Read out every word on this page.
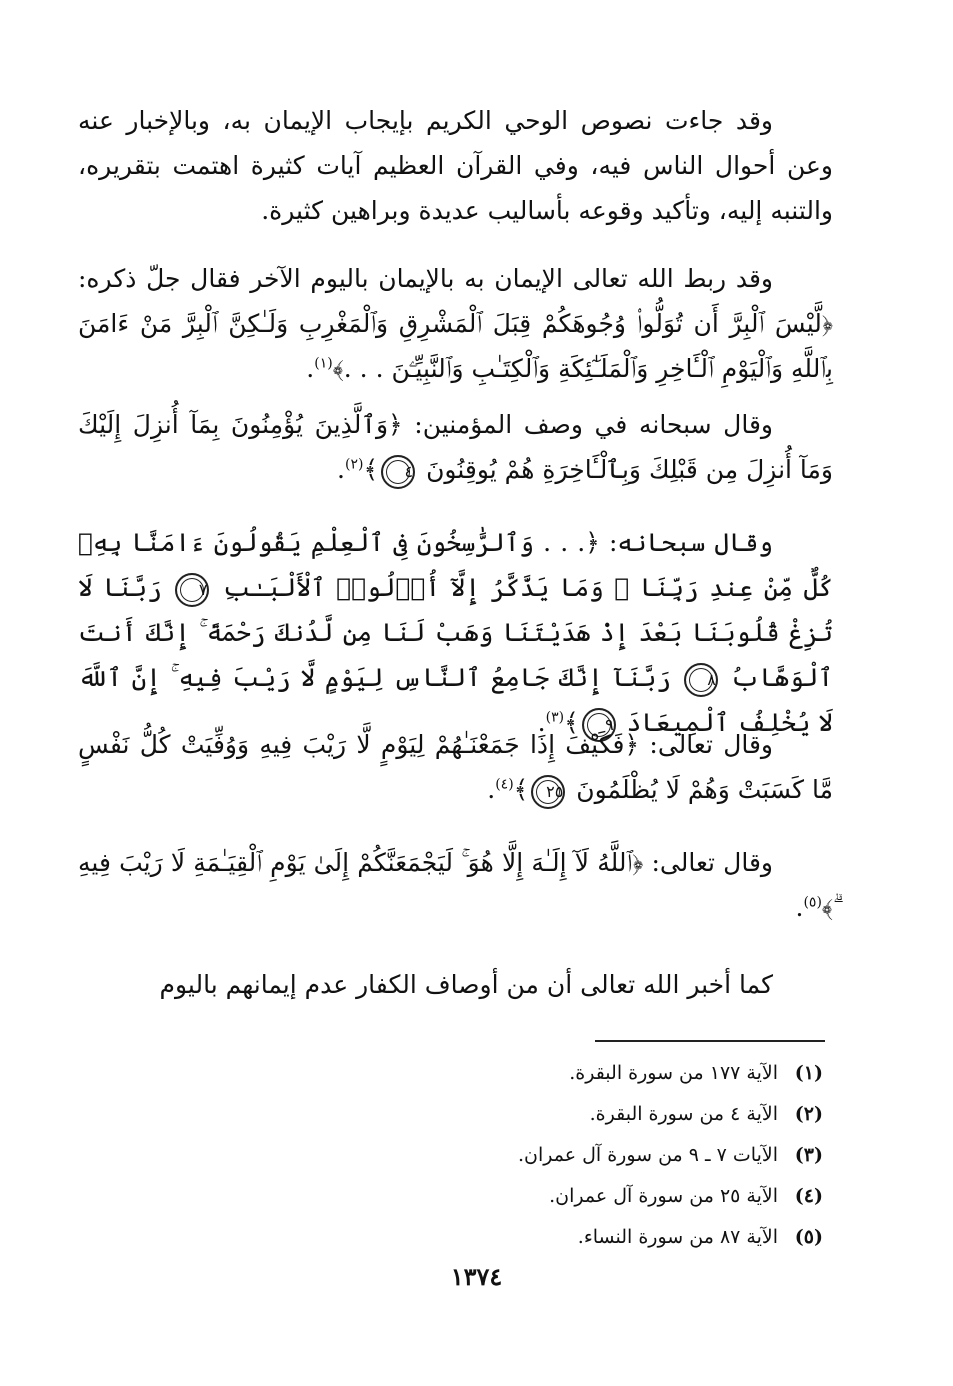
وقد جاءت نصوص الوحي الكريم بإيجاب الإيمان به، وبالإخبار عنه وعن أحوال الناس فيه، وفي القرآن العظيم آيات كثيرة اهتمت بتقريره، والتنبه إليه، وتأكيد وقوعه بأساليب عديدة وبراهين كثيرة.

وقد ربط الله تعالى الإيمان به بالإيمان باليوم الآخر فقال جلّ ذكره: ﴿لَّيْسَ ٱلْبِرَّ أَن تُوَلُّوا۟ وُجُوهَكُمْ قِبَلَ ٱلْمَشْرِقِ وَٱلْمَغْرِبِ وَلَـٰكِنَّ ٱلْبِرَّ مَنْ ءَامَنَ بِٱللَّهِ وَٱلْيَوْمِ ٱلْـَٔاخِرِ وَٱلْمَلَـٰٓئِكَةِ وَٱلْكِتَـٰبِ وَٱلنَّبِيِّـۧنَ . . .﴾$^{(١)}$.

وقال سبحانه في وصف المؤمنين: ﴿وَٱلَّذِينَ يُؤْمِنُونَ بِمَآ أُنزِلَ إِلَيْكَ وَمَآ أُنزِلَ مِن قَبْلِكَ وَبِٱلْـَٔاخِرَةِ هُمْ يُوقِنُونَ ٤﴾$^{(٢)}$.

وقال سبحانه: ﴿. . . وَٱلرَّٰسِخُونَ فِى ٱلْعِلْمِ يَقُولُونَ ءَامَنَّا بِهِۦ كُلٌّ مِّنْ عِندِ رَبِّنَا ۗ وَمَا يَذَّكَّرُ إِلَّآ أُو۟لُوا۟ ٱلْأَلْبَـٰبِ ٧ رَبَّنَا لَا تُزِغْ قُلُوبَنَا بَعْدَ إِذْ هَدَيْتَنَا وَهَبْ لَنَا مِن لَّدُنكَ رَحْمَةً ۚ إِنَّكَ أَنتَ ٱلْوَهَّابُ ٨ رَبَّنَآ إِنَّكَ جَامِعُ ٱلنَّاسِ لِيَوْمٍ لَّا رَيْبَ فِيهِ ۚ إِنَّ ٱللَّهَ لَا يُخْلِفُ ٱلْمِيعَادَ ٩﴾$^{(٣)}$.

وقال تعالى: ﴿فَكَيْفَ إِذَا جَمَعْنَـٰهُمْ لِيَوْمٍ لَّا رَيْبَ فِيهِ وَوُفِّيَتْ كُلُّ نَفْسٍ مَّا كَسَبَتْ وَهُمْ لَا يُظْلَمُونَ ٢٥﴾$^{(٤)}$.

وقال تعالى: ﴿ٱللَّهُ لَآ إِلَـٰهَ إِلَّا هُوَ ۚ لَيَجْمَعَنَّكُمْ إِلَىٰ يَوْمِ ٱلْقِيَـٰمَةِ لَا رَيْبَ فِيهِ ۗ﴾$^{(٥)}$.

كما أخبر الله تعالى أن من أوصاف الكفار عدم إيمانهم باليوم

(١)
الآية ١٧٧ من سورة البقرة.
(٢)
الآية ٤ من سورة البقرة.
(٣)
الآيات ٧ ـ ٩ من سورة آل عمران.
(٤)
الآية ٢٥ من سورة آل عمران.
(٥)
الآية ٨٧ من سورة النساء.
١٣٧٤
